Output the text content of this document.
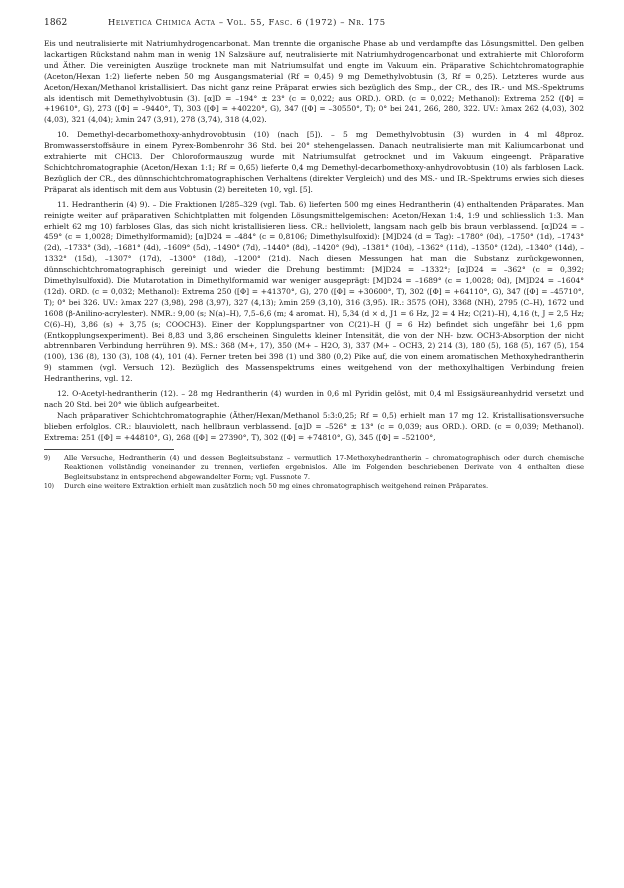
1862	Helvetica Chimica Acta – Vol. 55, Fasc. 6 (1972) – Nr. 175

Eis und neutralisierte mit Natriumhydrogencarbonat. Man trennte die organische Phase ab und verdampfte das Lösungsmittel. Den gelben lackartigen Rückstand nahm man in wenig 1N Salzsäure auf, neutralisierte mit Natriumhydrogencarbonat und extrahierte mit Chloroform und Äther. Die vereinigten Auszüge trocknete man mit Natriumsulfat und engte im Vakuum ein. Präparative Schichtchromatographie (Aceton/Hexan 1:2) lieferte neben 50 mg Ausgangsmaterial (Rf = 0,45) 9 mg Demethylvobtusin (3, Rf = 0,25). Letzteres wurde aus Aceton/Hexan/Methanol kristallisiert. Das nicht ganz reine Präparat erwies sich bezüglich des Smp., der CR., des IR.- und MS.-Spektrums als identisch mit Demethylvobtusin (3). [α]D = –194° ± 23° (c = 0,022; aus ORD.). ORD. (c = 0,022; Methanol): Extrema 252 ([Φ] = +19610°, G), 273 ([Φ] = –9440°, T), 303 ([Φ] = +40220°, G), 347 ([Φ] = –30550°, T); 0° bei 241, 266, 280, 322. UV.: λmax 262 (4,03), 302 (4,03), 321 (4,04); λmin 247 (3,91), 278 (3,74), 318 (4,02).

10. Demethyl-decarbomethoxy-anhydrovobtusin (10) (nach [5]). – 5 mg Demethylvobtusin (3) wurden in 4 ml 48proz. Bromwasserstoffsäure in einem Pyrex-Bombenrohr 36 Std. bei 20° stehengelassen. Danach neutralisierte man mit Kaliumcarbonat und extrahierte mit CHCl3. Der Chloroformauszug wurde mit Natriumsulfat getrocknet und im Vakuum eingeengt. Präparative Schichtchromatographie (Aceton/Hexan 1:1; Rf = 0,65) lieferte 0,4 mg Demethyl-decarbomethoxy-anhydrovobtusin (10) als farblosen Lack. Bezüglich der CR., des dünnschichtchromatographischen Verhaltens (direkter Vergleich) und des MS.- und IR.-Spektrums erwies sich dieses Präparat als identisch mit dem aus Vobtusin (2) bereiteten 10, vgl. [5].

11. Hedrantherin (4) 9). – Die Fraktionen I/285–329 (vgl. Tab. 6) lieferten 500 mg eines Hedrantherin (4) enthaltenden Präparates. Man reinigte weiter auf präparativen Schichtplatten mit folgenden Lösungsmittelgemischen: Aceton/Hexan 1:4, 1:9 und schliesslich 1:3. Man erhielt 62 mg 10) farbloses Glas, das sich nicht kristallisieren liess. CR.: hellviolett, langsam nach gelb bis braun verblassend. [α]D24 = –459° (c = 1,0028; Dimethylformamid); [α]D24 = –484° (c = 0,8106; Dimethylsulfoxid): [M]D24 (d = Tag): –1780° (0d), –1750° (1d), –1743° (2d), –1733° (3d), –1681° (4d), –1609° (5d), –1490° (7d), –1440° (8d), –1420° (9d), –1381° (10d), –1362° (11d), –1350° (12d), –1340° (14d), –1332° (15d), –1307° (17d), –1300° (18d), –1200° (21d). Nach diesen Messungen hat man die Substanz zurückgewonnen, dünnschichtchromatographisch gereinigt und wieder die Drehung bestimmt: [M]D24 = –1332°; [α]D24 = –362° (c = 0,392; Dimethylsulfoxid). Die Mutarotation in Dimethylformamid war weniger ausgeprägt: [M]D24 = –1689° (c = 1,0028; 0d), [M]D24 = –1604° (12d). ORD. (c = 0,032; Methanol): Extrema 250 ([Φ] = +41370°, G), 270 ([Φ] = +30600°, T), 302 ([Φ] = +64110°, G), 347 ([Φ] = –45710°, T); 0° bei 326. UV.: λmax 227 (3,98), 298 (3,97), 327 (4,13); λmin 259 (3,10), 316 (3,95). IR.: 3575 (OH), 3368 (NH), 2795 (C–H), 1672 und 1608 (β-Anilino-acrylester). NMR.: 9,00 (s; N(a)–H), 7,5–6,6 (m; 4 aromat. H), 5,34 (d × d, J1 = 6 Hz, J2 = 4 Hz; C(21)–H), 4,16 (t, J = 2,5 Hz; C(6)–H), 3,86 (s) + 3,75 (s; COOCH3). Einer der Kopplungspartner von C(21)–H (J = 6 Hz) befindet sich ungefähr bei 1,6 ppm (Entkopplungsexperiment). Bei 8,83 und 3,86 erscheinen Singuletts kleiner Intensität, die von der NH- bzw. OCH3-Absorption der nicht abtrennbaren Verbindung herrühren 9). MS.: 368 (M+, 17), 350 (M+ – H2O, 3), 337 (M+ – OCH3, 2) 214 (3), 180 (5), 168 (5), 167 (5), 154 (100), 136 (8), 130 (3), 108 (4), 101 (4). Ferner treten bei 398 (1) und 380 (0,2) Pike auf, die von einem aromatischen Methoxyhedrantherin 9) stammen (vgl. Versuch 12). Bezüglich des Massenspektrums eines weitgehend von der methoxylhaltigen Verbindung freien Hedrantherins, vgl. 12.

12. O-Acetyl-hedrantherin (12). – 28 mg Hedrantherin (4) wurden in 0,6 ml Pyridin gelöst, mit 0,4 ml Essigsäureanhydrid versetzt und nach 20 Std. bei 20° wie üblich aufgearbeitet.

Nach präparativer Schichtchromatographie (Äther/Hexan/Methanol 5:3:0,25; Rf = 0,5) erhielt man 17 mg 12. Kristallisationsversuche blieben erfolglos. CR.: blauviolett, nach hellbraun verblassend. [α]D = –526° ± 13° (c = 0,039; aus ORD.). ORD. (c = 0,039; Methanol). Extrema: 251 ([Φ] = +44810°, G), 268 ([Φ] = 27390°, T), 302 ([Φ] = +74810°, G), 345 ([Φ] = –52100°,

9)	Alle Versuche, Hedrantherin (4) und dessen Begleitsubstanz – vermutlich 17-Methoxyhedrantherin – chromatographisch oder durch chemische Reaktionen vollständig voneinander zu trennen, verliefen ergebnislos. Alle im Folgenden beschriebenen Derivate von 4 enthalten diese Begleitsubstanz in entsprechend abgewandelter Form; vgl. Fussnote 7.
10)	Durch eine weitere Extraktion erhielt man zusätzlich noch 50 mg eines chromatographisch weitgehend reinen Präparates.
